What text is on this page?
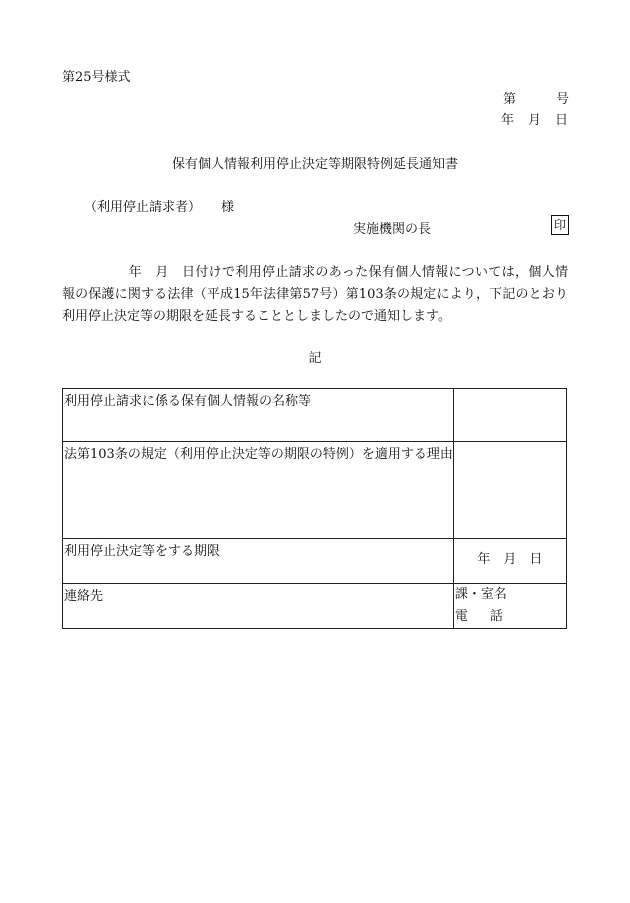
第25号様式
第	号
年 月 日
保有個人情報利用停止決定等期限特例延長通知書
（利用停止請求者） 様
実施機関の長	印
　　　　　年　月　日付けで利用停止請求のあった保有個人情報については，個人情報の保護に関する法律（平成15年法律第57号）第103条の規定により，下記のとおり利用停止決定等の期限を延長することとしましたので通知します。
記
利用停止請求に係る保有個人情報の名称等	
法第103条の規定（利用停止決定等の期限の特例）を適用する理由	
利用停止決定等をする期限	年　月　日
連絡先	課・室名
電話
